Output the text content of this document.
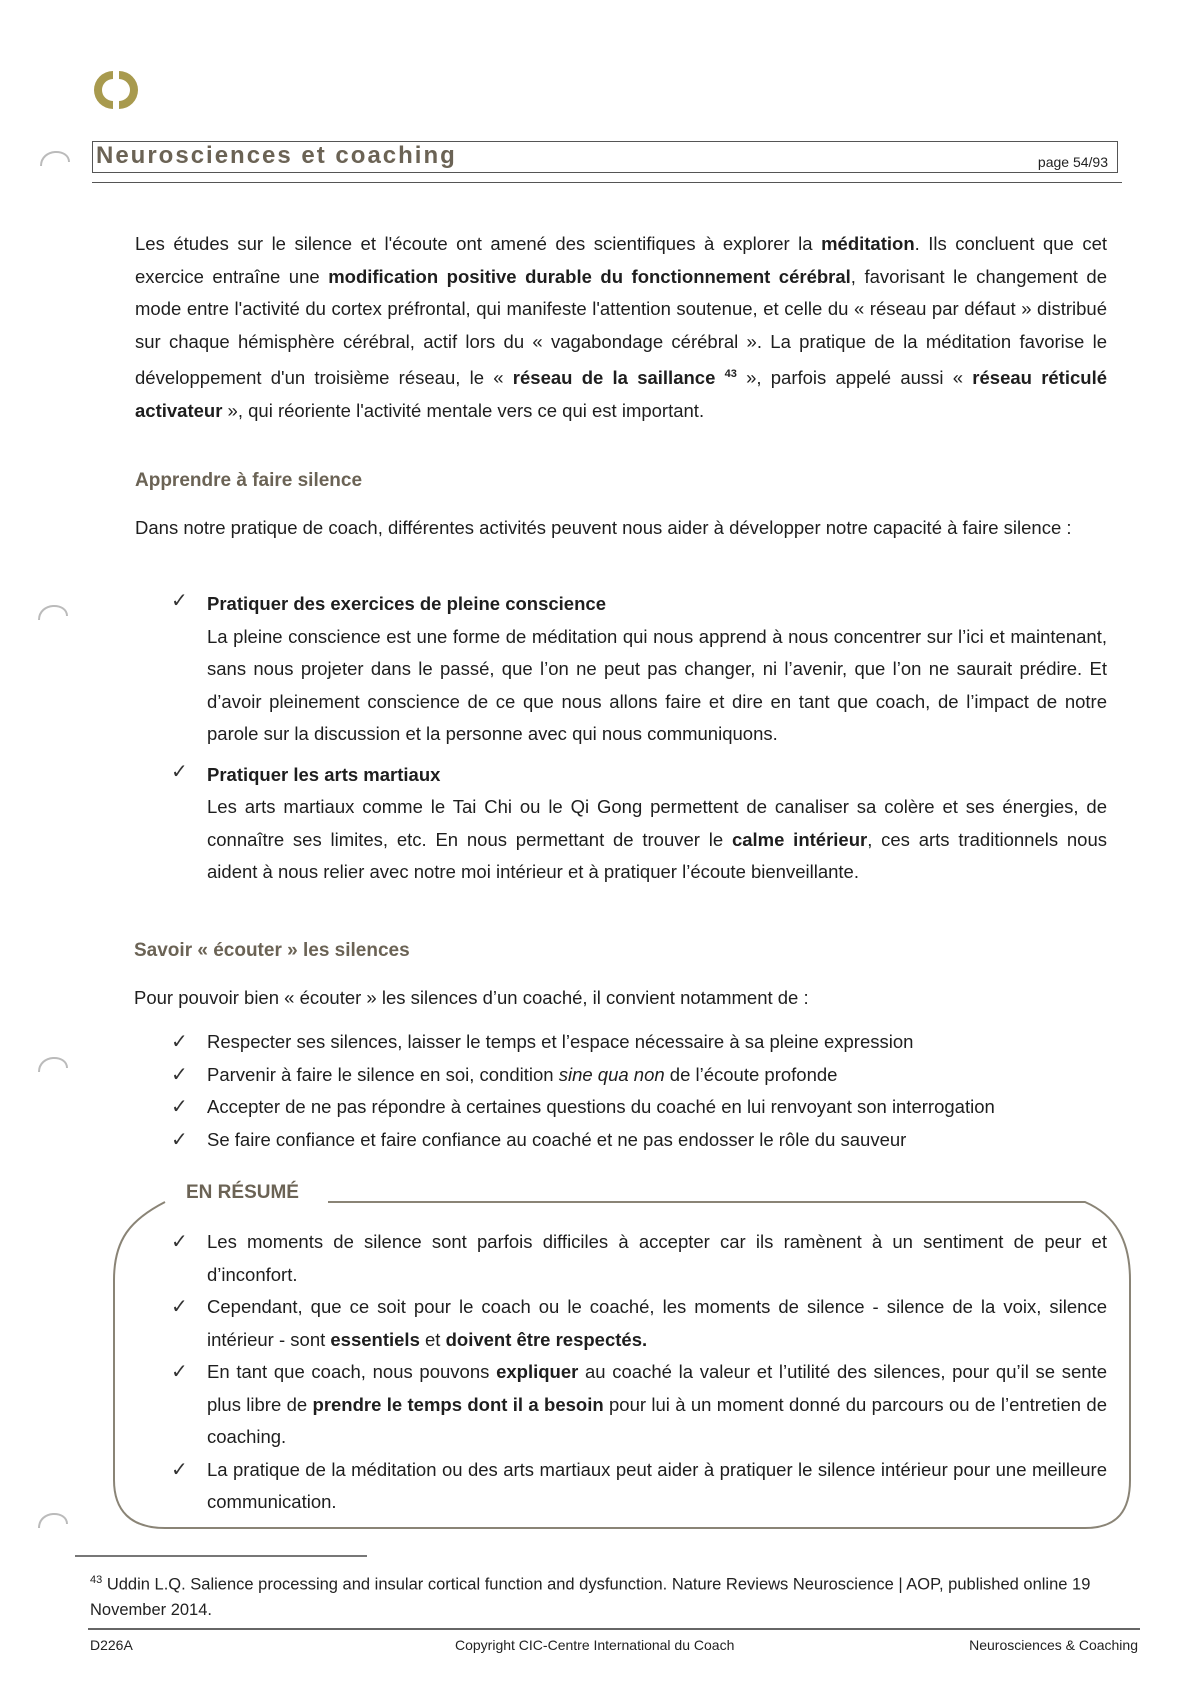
Neurosciences et coaching	page 54/93
Les études sur le silence et l'écoute ont amené des scientifiques à explorer la méditation. Ils concluent que cet exercice entraîne une modification positive durable du fonctionnement cérébral, favorisant le changement de mode entre l'activité du cortex préfrontal, qui manifeste l'attention soutenue, et celle du « réseau par défaut » distribué sur chaque hémisphère cérébral, actif lors du « vagabondage cérébral ». La pratique de la méditation favorise le développement d'un troisième réseau, le « réseau de la saillance $^{43}$ », parfois appelé aussi « réseau réticulé activateur », qui réoriente l'activité mentale vers ce qui est important.
Apprendre à faire silence
Dans notre pratique de coach, différentes activités peuvent nous aider à développer notre capacité à faire silence :
✓ Pratiquer des exercices de pleine conscience
La pleine conscience est une forme de méditation qui nous apprend à nous concentrer sur l’ici et maintenant, sans nous projeter dans le passé, que l’on ne peut pas changer, ni l’avenir, que l’on ne saurait prédire. Et d’avoir pleinement conscience de ce que nous allons faire et dire en tant que coach, de l’impact de notre parole sur la discussion et la personne avec qui nous communiquons.
✓ Pratiquer les arts martiaux
Les arts martiaux comme le Tai Chi ou le Qi Gong permettent de canaliser sa colère et ses énergies, de connaître ses limites, etc. En nous permettant de trouver le calme intérieur, ces arts traditionnels nous aident à nous relier avec notre moi intérieur et à pratiquer l’écoute bienveillante.
Savoir « écouter » les silences
Pour pouvoir bien « écouter » les silences d’un coaché, il convient notamment de :
✓ Respecter ses silences, laisser le temps et l’espace nécessaire à sa pleine expression
✓ Parvenir à faire le silence en soi, condition sine qua non de l’écoute profonde
✓ Accepter de ne pas répondre à certaines questions du coaché en lui renvoyant son interrogation
✓ Se faire confiance et faire confiance au coaché et ne pas endosser le rôle du sauveur
EN RÉSUMÉ
✓ Les moments de silence sont parfois difficiles à accepter car ils ramènent à un sentiment de peur et d’inconfort.
✓ Cependant, que ce soit pour le coach ou le coaché, les moments de silence - silence de la voix, silence intérieur - sont essentiels et doivent être respectés.
✓ En tant que coach, nous pouvons expliquer au coaché la valeur et l’utilité des silences, pour qu’il se sente plus libre de prendre le temps dont il a besoin pour lui à un moment donné du parcours ou de l’entretien de coaching.
✓ La pratique de la méditation ou des arts martiaux peut aider à pratiquer le silence intérieur pour une meilleure communication.
$^{43}$ Uddin L.Q. Salience processing and insular cortical function and dysfunction. Nature Reviews Neuroscience | AOP, published online 19 November 2014.
D226A	Copyright CIC-Centre International du Coach	Neurosciences & Coaching
